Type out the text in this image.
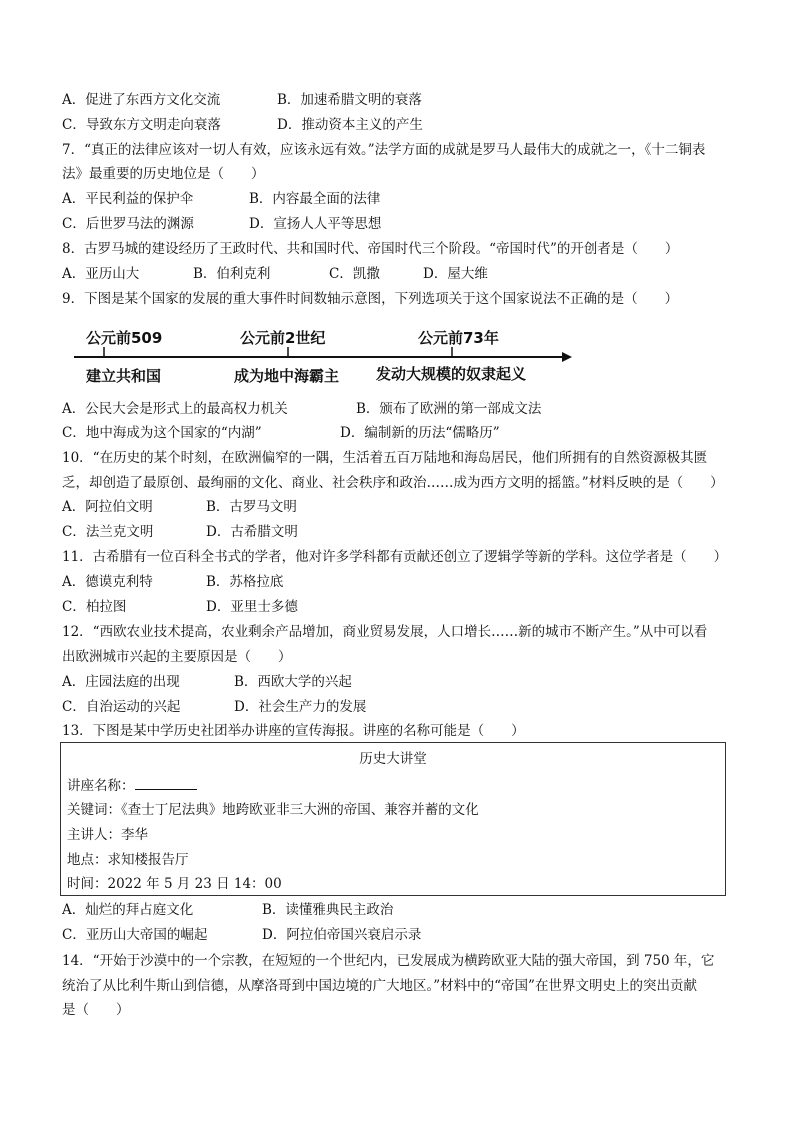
A．促进了东西方文化交流	B．加速希腊文明的衰落
C．导致东方文明走向衰落	D．推动资本主义的产生
7．“真正的法律应该对一切人有效，应该永远有效。”法学方面的成就是罗马人最伟大的成就之一，《十二铜表
法》最重要的历史地位是（　　）
A．平民利益的保护伞	B．内容最全面的法律
C．后世罗马法的渊源	D．宣扬人人平等思想
8．古罗马城的建设经历了王政时代、共和国时代、帝国时代三个阶段。“帝国时代”的开创者是（　　）
A．亚历山大	B．伯利克利	C．凯撒	D．屋大维
9．下图是某个国家的发展的重大事件时间数轴示意图，下列选项关于这个国家说法不正确的是（　　）
公元前509	公元前2世纪	公元前73年
建立共和国	成为地中海霸主 发动大规模的奴隶起义
A．公民大会是形式上的最高权力机关	B．颁布了欧洲的第一部成文法
C．地中海成为这个国家的“内湖”	D．编制新的历法“儒略历”
10．“在历史的某个时刻，在欧洲偏窄的一隅，生活着五百万陆地和海岛居民，他们所拥有的自然资源极其匮
乏，却创造了最原创、最绚丽的文化、商业、社会秩序和政治……成为西方文明的摇篮。”材料反映的是（　　）
A．阿拉伯文明	B．古罗马文明
C．法兰克文明	D．古希腊文明
11．古希腊有一位百科全书式的学者，他对许多学科都有贡献还创立了逻辑学等新的学科。这位学者是（　　）
A．德谟克利特	B．苏格拉底
C．柏拉图	D．亚里士多德
12．“西欧农业技术提高，农业剩余产品增加，商业贸易发展，人口增长……新的城市不断产生。”从中可以看
出欧洲城市兴起的主要原因是（　　）
A．庄园法庭的出现	B．西欧大学的兴起
C．自治运动的兴起	D．社会生产力的发展
13．下图是某中学历史社团举办讲座的宣传海报。讲座的名称可能是（　　）
历史大讲堂
讲座名称：
关键词：《查士丁尼法典》地跨欧亚非三大洲的帝国、兼容并蓄的文化
主讲人：李华
地点：求知楼报告厅
时间：2022 年 5 月 23 日 14：00
A．灿烂的拜占庭文化	B．读懂雅典民主政治
C．亚历山大帝国的崛起	D．阿拉伯帝国兴衰启示录
14．“开始于沙漠中的一个宗教，在短短的一个世纪内，已发展成为横跨欧亚大陆的强大帝国，到 750 年，它
统治了从比利牛斯山到信德，从摩洛哥到中国边境的广大地区。”材料中的“帝国”在世界文明史上的突出贡献
是（　　）
